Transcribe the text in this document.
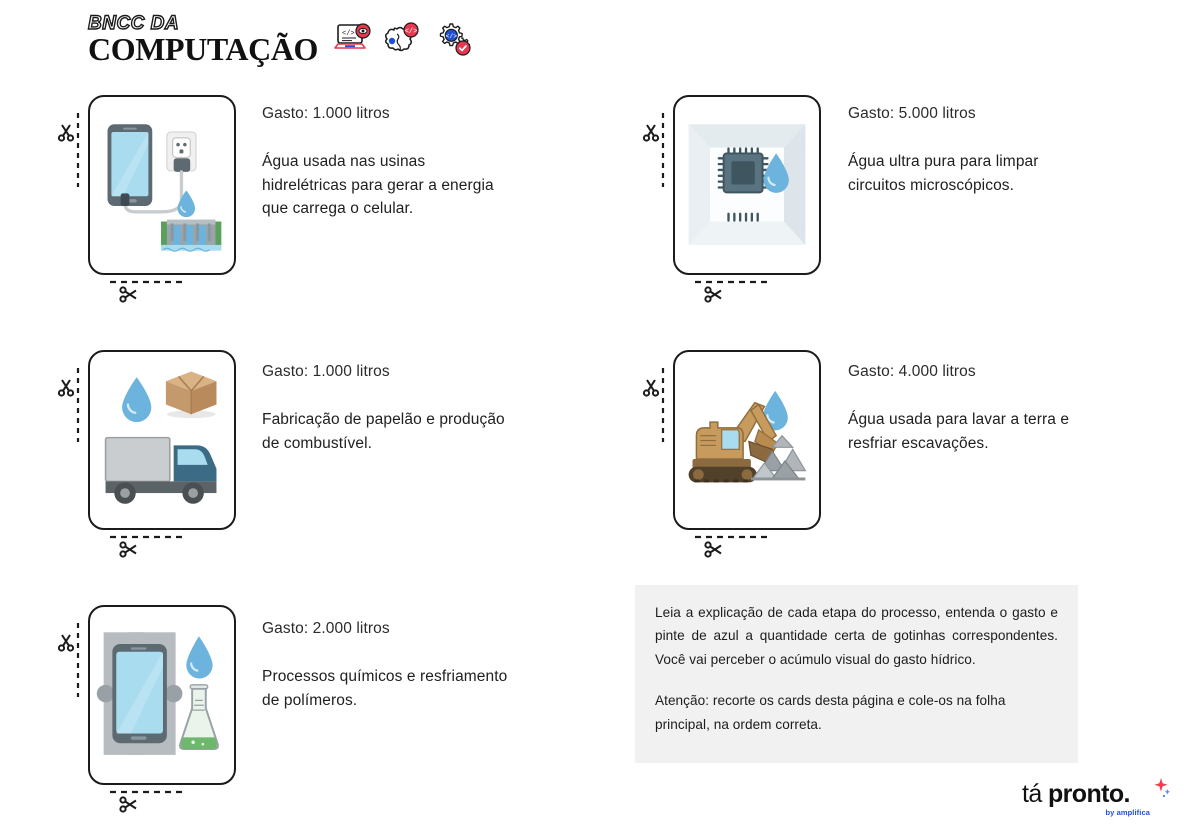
BNCC DA
COMPUTAÇÃO	</>	</>
</>

Gasto: 1.000 litros

Água usada nas usinas hidrelétricas para gerar a energia que carrega o celular.

Gasto: 5.000 litros

Água ultra pura para limpar circuitos microscópicos.

Gasto: 1.000 litros

Fabricação de papelão e produção de combustível.

Gasto: 4.000 litros

Água usada para lavar a terra e resfriar escavações.

Gasto: 2.000 litros

Processos químicos e resfriamento de polímeros.

Leia a explicação de cada etapa do processo, entenda o gasto e pinte de azul a quantidade certa de gotinhas correspondentes. Você vai perceber o acúmulo visual do gasto hídrico.

Atenção: recorte os cards desta página e cole-os na folha principal, na ordem correta.

tá pronto.
by amplifica
